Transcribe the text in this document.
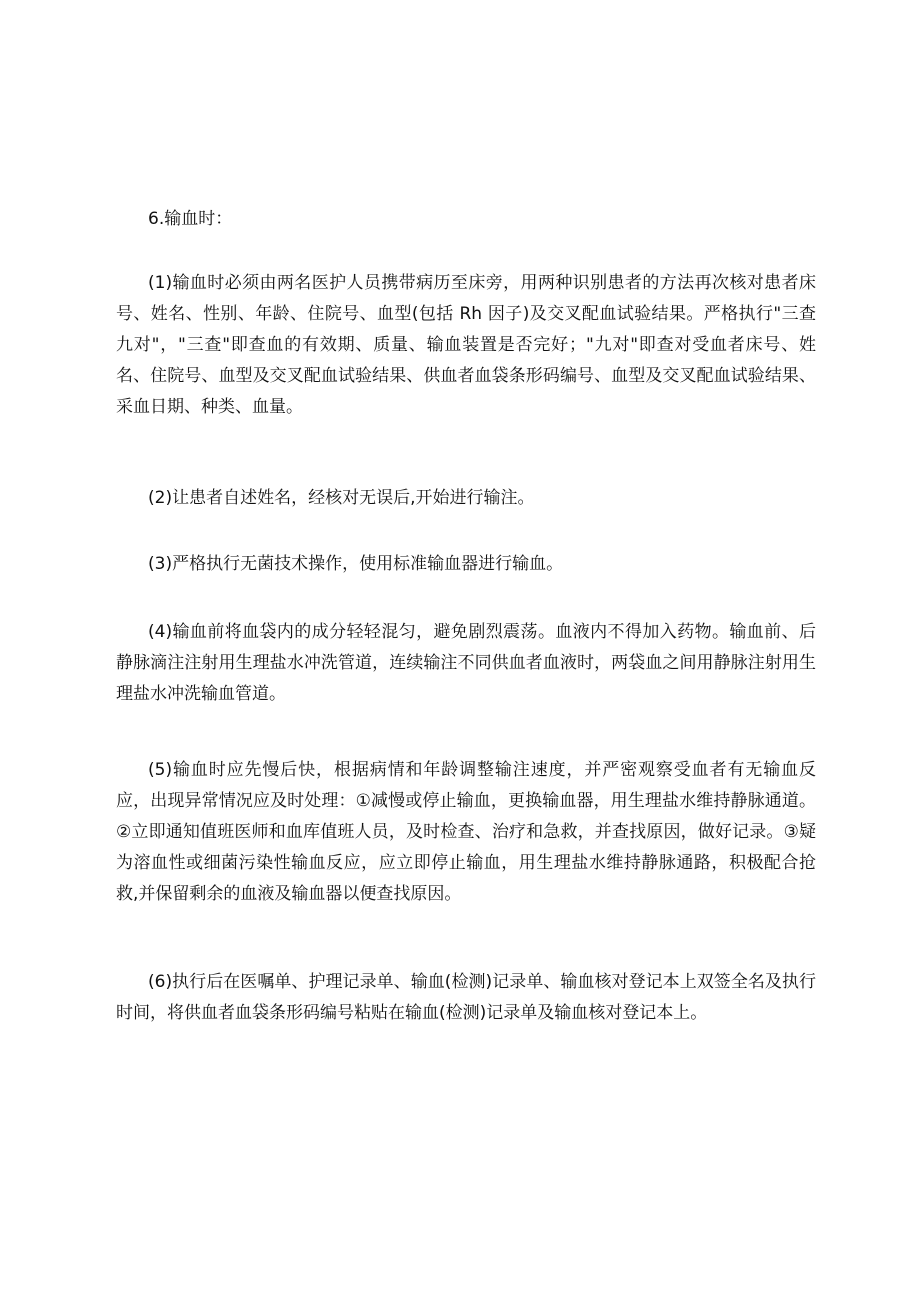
6.输血时：

(1)输血时必须由两名医护人员携带病历至床旁，用两种识别患者的方法再次核对患者床号、姓名、性别、年龄、住院号、血型(包括 Rh 因子)及交叉配血试验结果。严格执行"三查九对"，"三查"即查血的有效期、质量、输血装置是否完好；"九对"即查对受血者床号、姓名、住院号、血型及交叉配血试验结果、供血者血袋条形码编号、血型及交叉配血试验结果、采血日期、种类、血量。

(2)让患者自述姓名，经核对无误后,开始进行输注。

(3)严格执行无菌技术操作，使用标准输血器进行输血。

(4)输血前将血袋内的成分轻轻混匀，避免剧烈震荡。血液内不得加入药物。输血前、后静脉滴注注射用生理盐水冲洗管道，连续输注不同供血者血液时，两袋血之间用静脉注射用生理盐水冲洗输血管道。

(5)输血时应先慢后快，根据病情和年龄调整输注速度，并严密观察受血者有无输血反应，出现异常情况应及时处理：①减慢或停止输血，更换输血器，用生理盐水维持静脉通道。②立即通知值班医师和血库值班人员，及时检查、治疗和急救，并查找原因，做好记录。③疑为溶血性或细菌污染性输血反应，应立即停止输血，用生理盐水维持静脉通路，积极配合抢救,并保留剩余的血液及输血器以便查找原因。

(6)执行后在医嘱单、护理记录单、输血(检测)记录单、输血核对登记本上双签全名及执行时间，将供血者血袋条形码编号粘贴在输血(检测)记录单及输血核对登记本上。
